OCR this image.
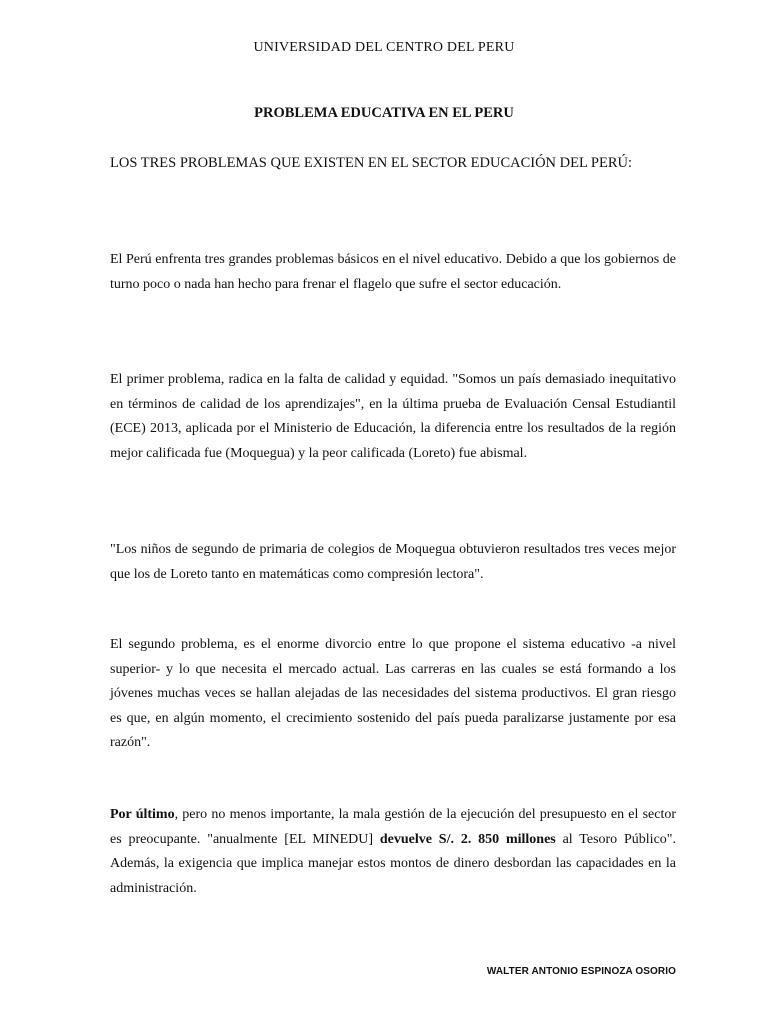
UNIVERSIDAD DEL CENTRO DEL PERU
PROBLEMA EDUCATIVA EN EL PERU
LOS TRES PROBLEMAS QUE EXISTEN EN EL SECTOR EDUCACIÓN DEL PERÚ:

El Perú enfrenta tres grandes problemas básicos en el nivel educativo. Debido a que los gobiernos de turno poco o nada han hecho para frenar el flagelo que sufre el sector educación.

El primer problema, radica en la falta de calidad y equidad. "Somos un país demasiado inequitativo en términos de calidad de los aprendizajes", en la última prueba de Evaluación Censal Estudiantil (ECE) 2013, aplicada por el Ministerio de Educación, la diferencia entre los resultados de la región mejor calificada fue (Moquegua) y la peor calificada (Loreto) fue abismal.

"Los niños de segundo de primaria de colegios de Moquegua obtuvieron resultados tres veces mejor que los de Loreto tanto en matemáticas como compresión lectora".

El segundo problema, es el enorme divorcio entre lo que propone el sistema educativo -a nivel superior- y lo que necesita el mercado actual. Las carreras en las cuales se está formando a los jóvenes muchas veces se hallan alejadas de las necesidades del sistema productivos. El gran riesgo es que, en algún momento, el crecimiento sostenido del país pueda paralizarse justamente por esa razón".

Por último, pero no menos importante, la mala gestión de la ejecución del presupuesto en el sector es preocupante. "anualmente [EL MINEDU] devuelve S/. 2. 850 millones al Tesoro Público". Además, la exigencia que implica manejar estos montos de dinero desbordan las capacidades en la administración.

WALTER ANTONIO ESPINOZA OSORIO
